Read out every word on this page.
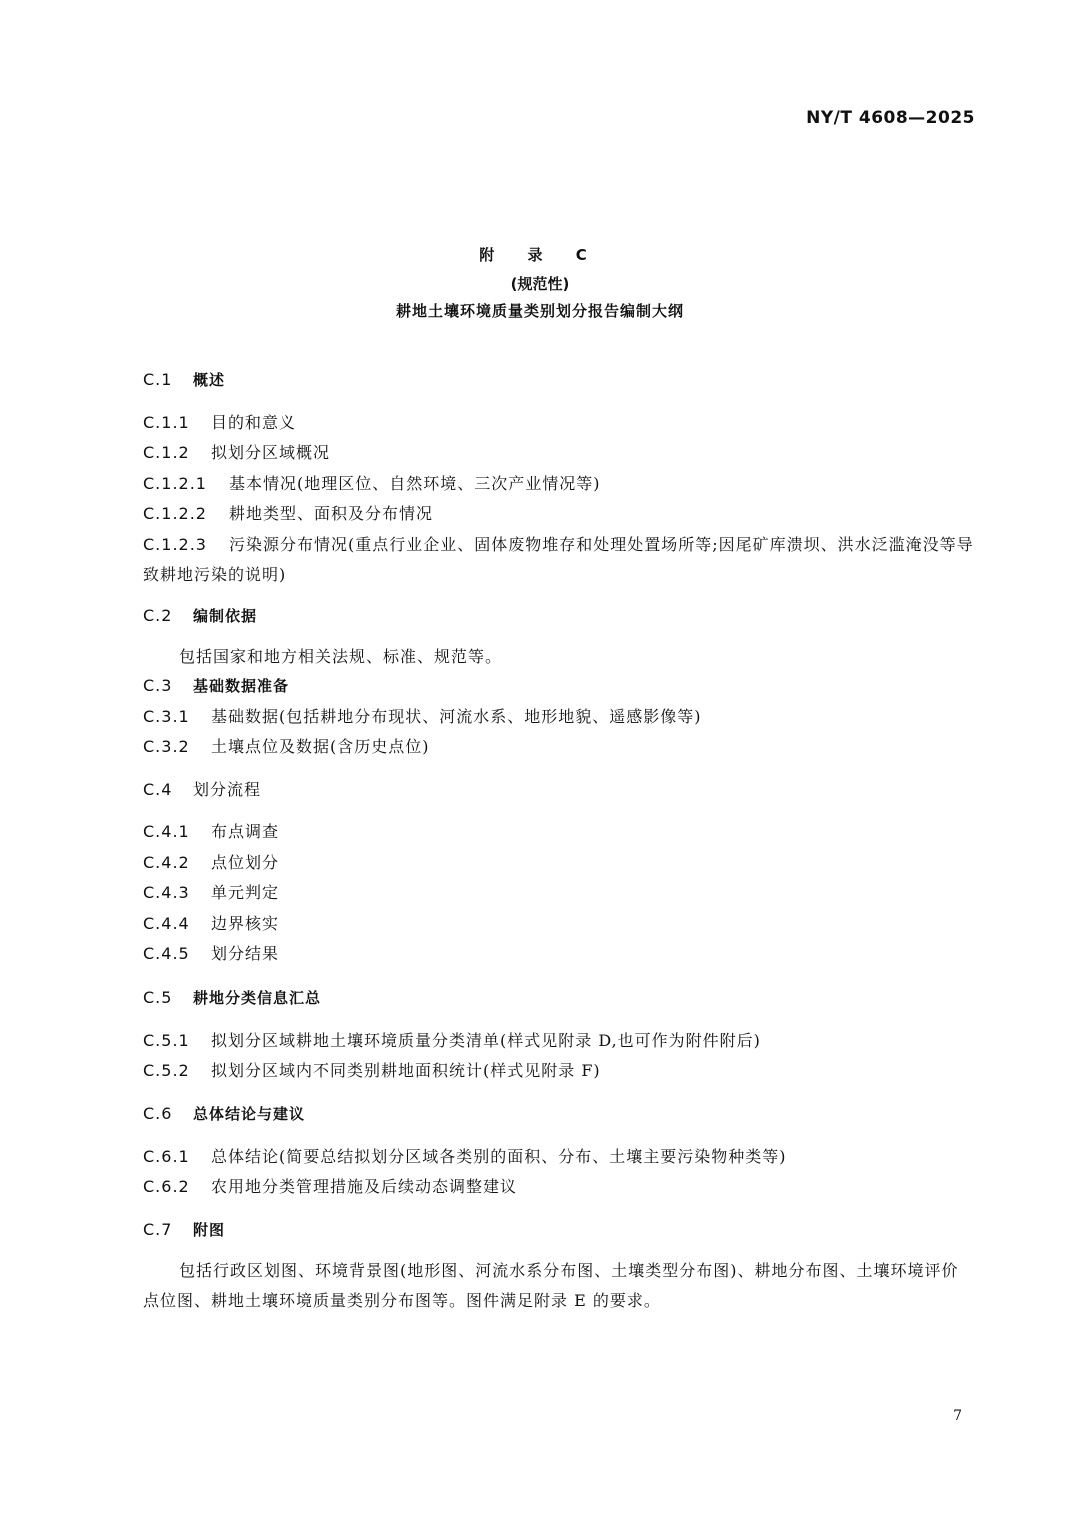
NY/T 4608—2025
附 录 C
(规范性)
耕地土壤环境质量类别划分报告编制大纲
C.1 概述
C.1.1 目的和意义
C.1.2 拟划分区域概况
C.1.2.1 基本情况(地理区位、自然环境、三次产业情况等)
C.1.2.2 耕地类型、面积及分布情况
C.1.2.3 污染源分布情况(重点行业企业、固体废物堆存和处理处置场所等;因尾矿库溃坝、洪水泛滥淹没等导致耕地污染的说明)
C.2 编制依据
包括国家和地方相关法规、标准、规范等。
C.3 基础数据准备
C.3.1 基础数据(包括耕地分布现状、河流水系、地形地貌、遥感影像等)
C.3.2 土壤点位及数据(含历史点位)
C.4 划分流程
C.4.1 布点调查
C.4.2 点位划分
C.4.3 单元判定
C.4.4 边界核实
C.4.5 划分结果
C.5 耕地分类信息汇总
C.5.1 拟划分区域耕地土壤环境质量分类清单(样式见附录 D,也可作为附件附后)
C.5.2 拟划分区域内不同类别耕地面积统计(样式见附录 F)
C.6 总体结论与建议
C.6.1 总体结论(简要总结拟划分区域各类别的面积、分布、土壤主要污染物种类等)
C.6.2 农用地分类管理措施及后续动态调整建议
C.7 附图
包括行政区划图、环境背景图(地形图、河流水系分布图、土壤类型分布图)、耕地分布图、土壤环境评价点位图、耕地土壤环境质量类别分布图等。图件满足附录 E 的要求。
7
